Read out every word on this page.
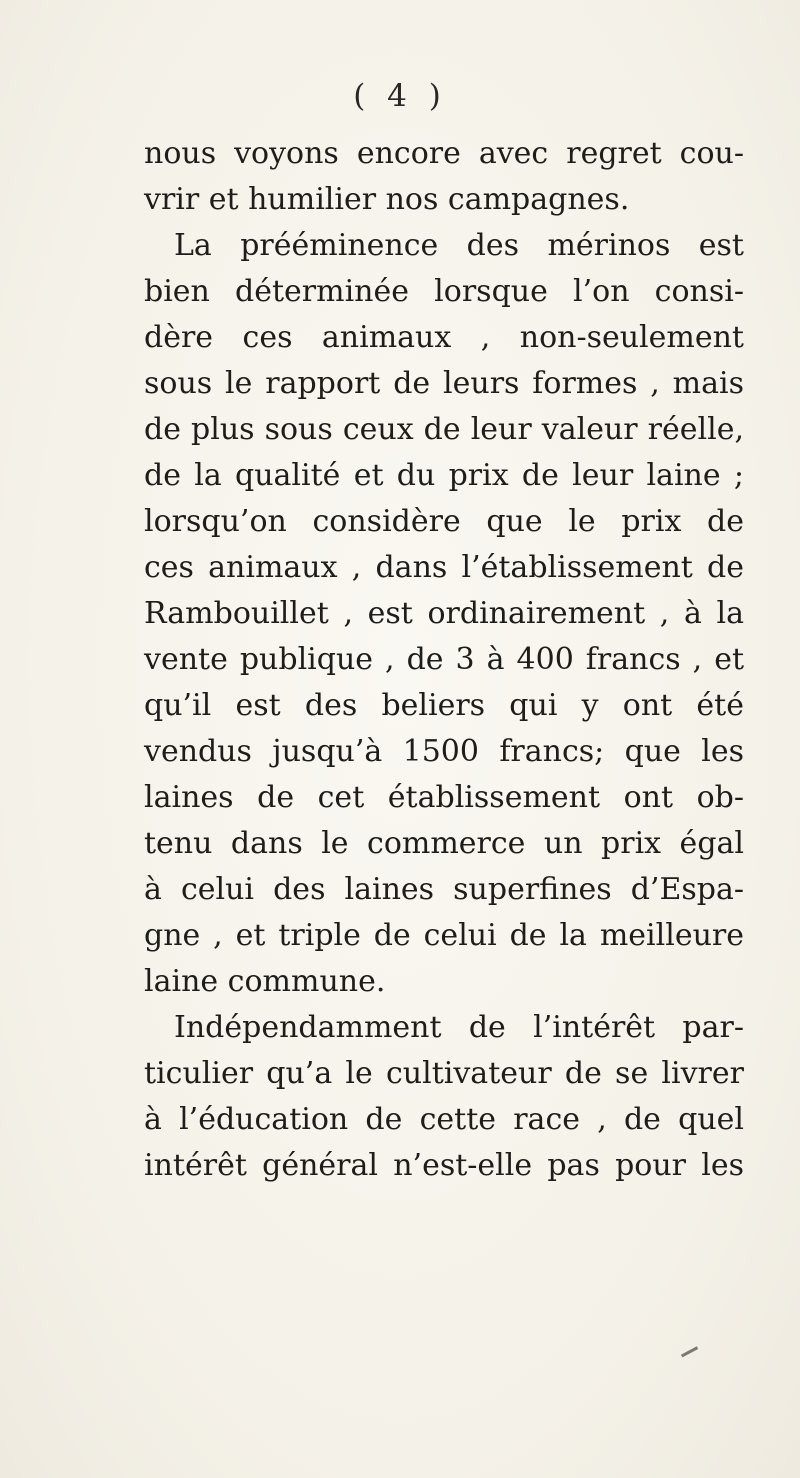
( 4 )
nous voyons encore avec regret cou-
vrir et humilier nos campagnes.
La prééminence des mérinos est
bien déterminée lorsque l’on consi-
dère ces animaux , non-seulement
sous le rapport de leurs formes , mais
de plus sous ceux de leur valeur réelle,
de la qualité et du prix de leur laine ;
lorsqu’on considère que le prix de
ces animaux , dans l’établissement de
Rambouillet , est ordinairement , à la
vente publique , de 3 à 400 francs , et
qu’il est des beliers qui y ont été
vendus jusqu’à 1500 francs; que les
laines de cet établissement ont ob-
tenu dans le commerce un prix égal
à celui des laines superfines d’Espa-
gne , et triple de celui de la meilleure
laine commune.
Indépendamment de l’intérêt par-
ticulier qu’a le cultivateur de se livrer
à l’éducation de cette race , de quel
intérêt général n’est-elle pas pour les
